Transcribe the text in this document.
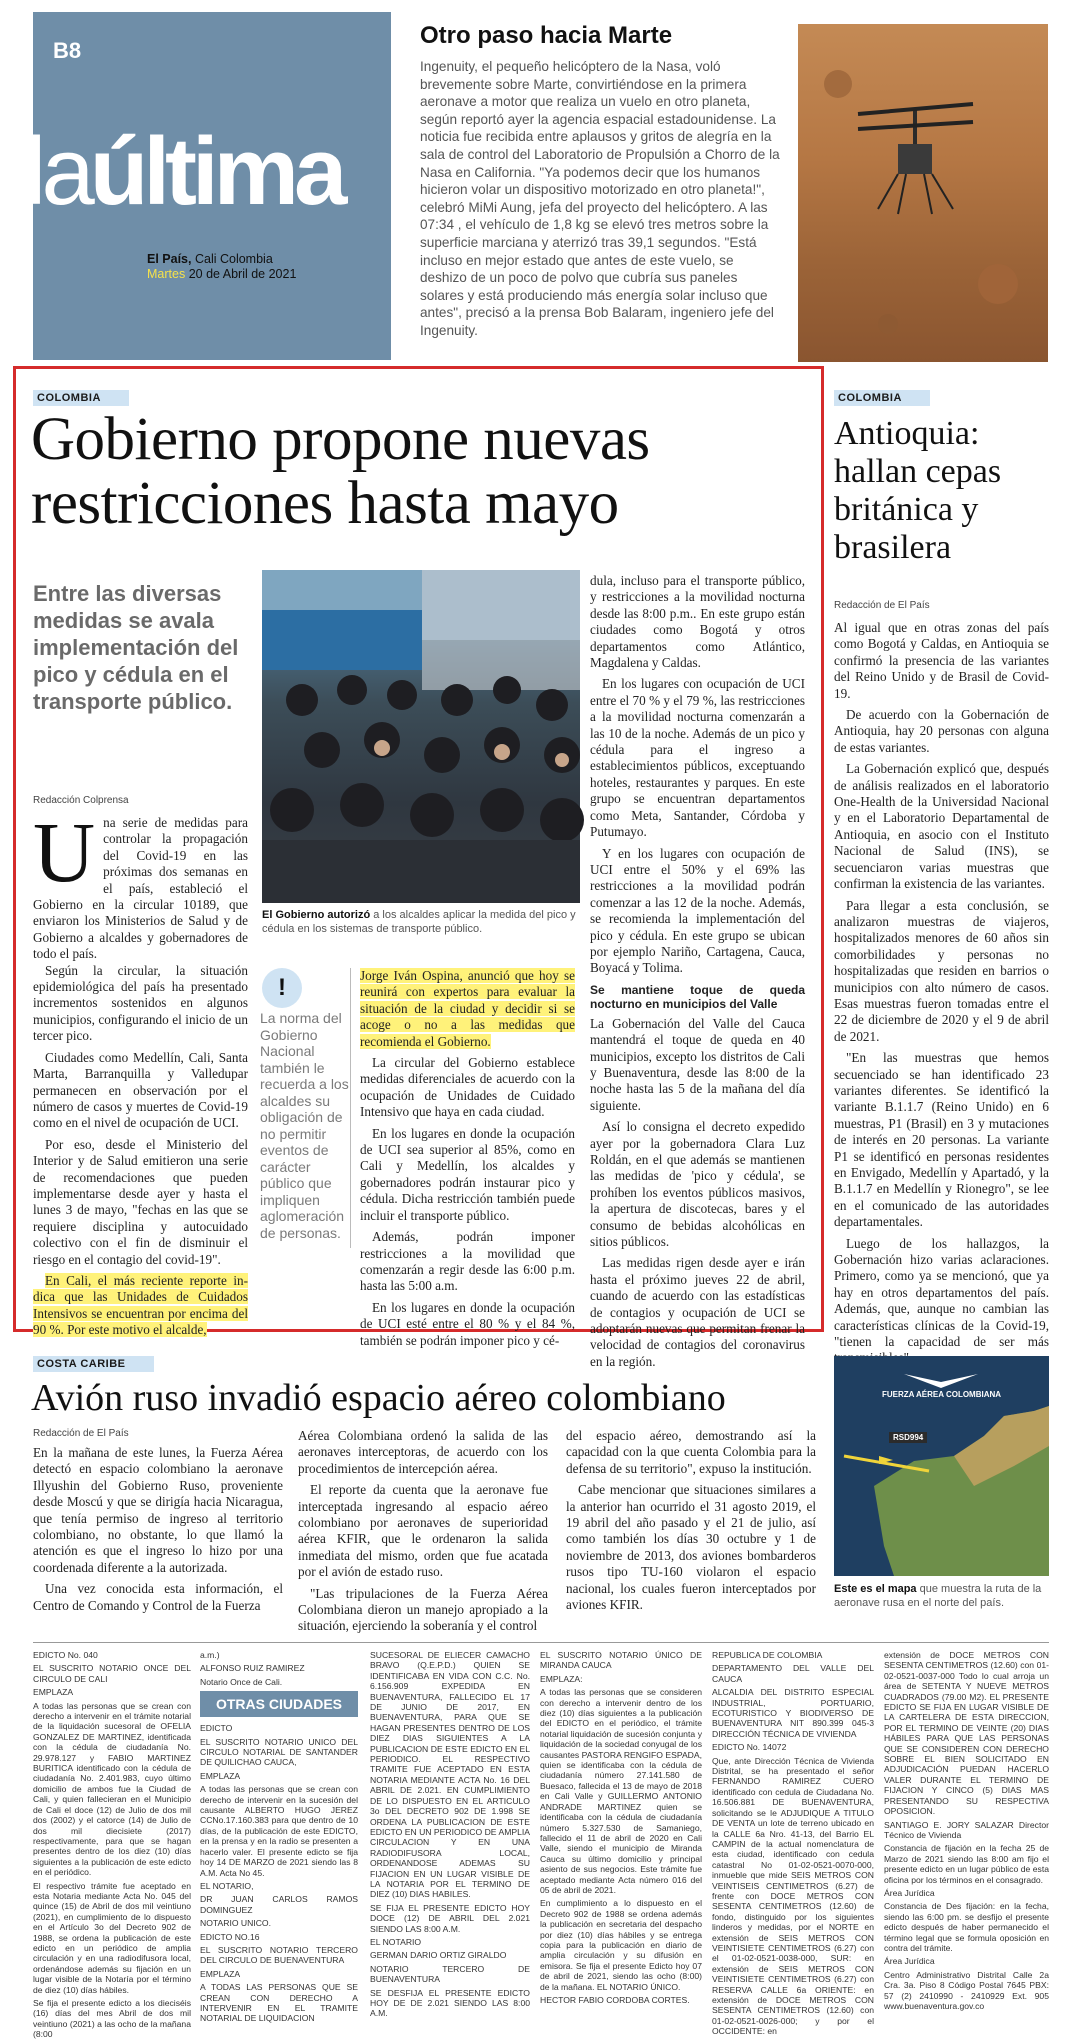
B8
laúltima
El País, Cali Colombia
Martes 20 de Abril de 2021
Otro paso hacia Marte
Ingenuity, el pequeño helicóptero de la Nasa, voló brevemente sobre Marte, convirtiéndose en la primera aeronave a motor que realiza un vuelo en otro planeta, según reportó ayer la agencia espacial estadounidense. La noticia fue recibida entre aplausos y gritos de alegría en la sala de control del Laboratorio de Propulsión a Chorro de la Nasa en California. "Ya podemos decir que los humanos hicieron volar un dispositivo motorizado en otro planeta!", celebró MiMi Aung, jefa del proyecto del helicóptero. A las 07:34 , el vehículo de 1,8 kg se elevó tres metros sobre la superficie marciana y aterrizó tras 39,1 segundos. "Está incluso en mejor estado que antes de este vuelo, se deshizo de un poco de polvo que cubría sus paneles solares y está produciendo más energía solar incluso que antes", precisó a la prensa Bob Balaram, ingeniero jefe del Ingenuity.	FOTO: NASA
COLOMBIA
Gobierno propone nuevas restricciones hasta mayo
Entre las diversas medidas se avala implementación del pico y cédula en el transporte público.
Redacción Colprensa
U na serie de medidas para controlar la propagación del Covid-19 en las próximas dos semanas en el país, estableció el Gobierno en la circular 10189, que enviaron los Ministerios de Salud y de Gobierno a alcaldes y gobernadores de todo el país.

Según la circular, la situación epidemiológica del país ha presentado incrementos sostenidos en algunos municipios, configurando el inicio de un tercer pico.

Ciudades como Medellín, Cali, Santa Marta, Barranquilla y Valledupar permanecen en observación por el número de casos y muertes de Covid-19 como en el nivel de ocupación de UCI.

Por eso, desde el Ministerio del Interior y de Salud emitieron una serie de recomendaciones que pueden implementarse desde ayer y hasta el lunes 3 de mayo, "fechas en las que se requiere disciplina y autocuidado colectivo con el fin de disminuir el riesgo en el contagio del covid-19".

En Cali, el más reciente reporte in- dica que las Unidades de Cuidados Intensivos se encuentran por encima del 90 %. Por este motivo el alcalde,

El Gobierno autorizó a los alcaldes aplicar la medida del pico y cédula en los sistemas de transporte público.
!
La norma del Gobierno Nacional también le recuerda a los alcaldes su obligación de no permitir eventos de carácter público que impliquen aglomeración de personas.

Jorge Iván Ospina, anunció que hoy se reunirá con expertos para evaluar la situación de la ciudad y decidir si se acoge o no a las medidas que recomienda el Gobierno.

La circular del Gobierno establece medidas diferenciales de acuerdo con la ocupación de Unidades de Cuidado Intensivo que haya en cada ciudad.

En los lugares en donde la ocupación de UCI sea superior al 85%, como en Cali y Medellín, los alcaldes y gobernadores podrán instaurar pico y cédula. Dicha restricción también puede incluir el transporte público.

Además, podrán imponer restricciones a la movilidad que comenzarán a regir desde las 6:00 p.m. hasta las 5:00 a.m.

En los lugares en donde la ocupación de UCI esté entre el 80 % y el 84 %, también se podrán imponer pico y cé-

dula, incluso para el transporte público, y restricciones a la movilidad nocturna desde las 8:00 p.m.. En este grupo están ciudades como Bogotá y otros departamentos como Atlántico, Magdalena y Caldas.

En los lugares con ocupación de UCI entre el 70 % y el 79 %, las restricciones a la movilidad nocturna comenzarán a las 10 de la noche. Además de un pico y cédula para el ingreso a establecimientos públicos, exceptuando hoteles, restaurantes y parques. En este grupo se encuentran departamentos como Meta, Santander, Córdoba y Putumayo.

Y en los lugares con ocupación de UCI entre el 50% y el 69% las restricciones a la movilidad podrán comenzar a las 12 de la noche. Además, se recomienda la implementación del pico y cédula. En este grupo se ubican por ejemplo Nariño, Cartagena, Cauca, Boyacá y Tolima.

Se mantiene toque de queda nocturno en municipios del Valle

La Gobernación del Valle del Cauca mantendrá el toque de queda en 40 municipios, excepto los distritos de Cali y Buenaventura, desde las 8:00 de la noche hasta las 5 de la mañana del día siguiente.

Así lo consigna el decreto expedido ayer por la gobernadora Clara Luz Roldán, en el que además se mantienen las medidas de 'pico y cédula', se prohíben los eventos públicos masivos, la apertura de discotecas, bares y el consumo de bebidas alcohólicas en sitios públicos.

Las medidas rigen desde ayer e irán hasta el próximo jueves 22 de abril, cuando de acuerdo con las estadísticas de contagios y ocupación de UCI se adoptarán nuevas que permitan frenar la velocidad de contagios del coronavirus en la región.

COLOMBIA
Antioquia: hallan cepas británica y brasilera
Redacción de El País

Al igual que en otras zonas del país como Bogotá y Caldas, en Antioquia se confirmó la presencia de las variantes del Reino Unido y de Brasil de Covid-19.

De acuerdo con la Gobernación de Antioquia, hay 20 personas con alguna de estas variantes.

La Gobernación explicó que, después de análisis realizados en el laboratorio One-Health de la Universidad Nacional y en el Laboratorio Departamental de Antioquia, en asocio con el Instituto Nacional de Salud (INS), se secuenciaron varias muestras que confirman la existencia de las variantes.

Para llegar a esta conclusión, se analizaron muestras de viajeros, hospitalizados menores de 60 años sin comorbilidades y personas no hospitalizadas que residen en barrios o municipios con alto número de casos. Esas muestras fueron tomadas entre el 22 de diciembre de 2020 y el 9 de abril de 2021.

"En las muestras que hemos secuenciado se han identificado 23 variantes diferentes. Se identificó la variante B.1.1.7 (Reino Unido) en 6 muestras, P1 (Brasil) en 3 y mutaciones de interés en 20 personas. La variante P1 se identificó en personas residentes en Envigado, Medellín y Apartadó, y la B.1.1.7 en Medellín y Rionegro", se lee en el comunicado de las autoridades departamentales.

Luego de los hallazgos, la Gobernación hizo varias aclaraciones. Primero, como ya se mencionó, que ya hay en otros departamentos del país. Además, que, aunque no cambian las características clínicas de la Covid-19, "tienen la capacidad de ser más

COSTA CARIBE
Avión ruso invadió espacio aéreo colombiano
Redacción de El País

En la mañana de este lunes, la Fuerza Aérea detectó en espacio colombiano la aeronave Illyushin del Gobierno Ruso, proveniente desde Moscú y que se dirigía hacia Nicaragua, que tenía permiso de ingreso al territorio colombiano, no obstante, lo que llamó la atención es que el ingreso lo hizo por una coordenada diferente a la autorizada.

Una vez conocida esta información, el Centro de Comando y Control de la Fuerza

Aérea Colombiana ordenó la salida de las aeronaves interceptoras, de acuerdo con los procedimientos de intercepción aérea.

El reporte da cuenta que la aeronave fue interceptada ingresando al espacio aéreo colombiano por aeronaves de superioridad aérea KFIR, que le ordenaron la salida inmediata del mismo, orden que fue acatada por el avión de estado ruso.

"Las tripulaciones de la Fuerza Aérea Colombiana dieron un manejo apropiado a la situación, ejerciendo la soberanía y el control

del espacio aéreo, demostrando así la capacidad con la que cuenta Colombia para la defensa de su territorio", expuso la institución.

Cabe mencionar que situaciones similares a la anterior han ocurrido el 31 agosto 2019, el 19 abril del año pasado y el 21 de julio, así como también los días 30 octubre y 1 de noviembre de 2013, dos aviones bombarderos rusos tipo TU-160 violaron el espacio nacional, los cuales fueron interceptados por aviones KFIR.

FUERZA AÉREA COLOMBIANA
RSD994
Este es el mapa que muestra la ruta de la aeronave rusa en el norte del país.
EDICTO No. 040
EL SUSCRITO NOTARIO ONCE DEL CIRCULO DE CALI
EMPLAZA
A todas las personas que se crean con derecho a intervenir en el trámite notarial de la liquidación sucesoral de OFELIA GONZALEZ DE MARTINEZ, identificada con la cédula de ciudadanía No. 29.978.127 y FABIO MARTINEZ BURITICA identificado con la cédula de ciudadanía No. 2.401.983, cuyo último domicilio de ambos fue la Ciudad de Cali, y quien fallecieran en el Municipio de Cali el doce (12) de Julio de dos mil dos (2002) y el catorce (14) de Julio de dos mil diecisiete (2017) respectivamente, para que se hagan presentes dentro de los diez (10) días siguientes a la publicación de este edicto en el periódico.
El respectivo trámite fue aceptado en esta Notaria mediante Acta No. 045 del quince (15) de Abril de dos mil veintiuno (2021), en cumplimiento de lo dispuesto en el Artículo 3o del Decreto 902 de 1988, se ordena la publicación de este edicto en un periódico de amplia circulación y en una radiodifusora local, ordenándose además su fijación en un lugar visible de la Notaría por el término de diez (10) días hábiles.
Se fija el presente edicto a los dieciséis (16) días del mes Abril de dos mil veintiuno (2021) a las ocho de la mañana (8:00
a.m.)
ALFONSO RUIZ RAMIREZ
Notario Once de Cali.
OTRAS CIUDADES
EDICTO
EL SUSCRITO NOTARIO UNICO DEL CIRCULO NOTARIAL DE SANTANDER DE QUILICHAO CAUCA,
EMPLAZA
A todas las personas que se crean con derecho de intervenir en la sucesión del causante ALBERTO HUGO JEREZ CCNo.17.160.383 para que dentro de 10 días, de la publicación de este EDICTO, en la prensa y en la radio se presenten a hacerlo valer. El presente edicto se fija hoy 14 DE MARZO de 2021 siendo las 8 A.M. Acta No 45.
EL NOTARIO,
DR JUAN CARLOS RAMOS DOMINGUEZ
NOTARIO UNICO.
EDICTO NO.16
EL SUSCRITO NOTARIO TERCERO DEL CIRCULO DE BUENAVENTURA
EMPLAZA
A TODAS LAS PERSONAS QUE SE CREAN CON DERECHO A INTERVENIR EN EL TRAMITE NOTARIAL DE LIQUIDACION
SUCESORAL DE ELIECER CAMACHO BRAVO (Q.E.P.D.) QUIEN SE IDENTIFICABA EN VIDA CON C.C. No. 6.156.909 EXPEDIDA EN BUENAVENTURA, FALLECIDO EL 17 DE JUNIO DE 2017, EN BUENAVENTURA, PARA QUE SE HAGAN PRESENTES DENTRO DE LOS DIEZ DIAS SIGUIENTES A LA PUBLICACION DE ESTE EDICTO EN EL PERIODICO. EL RESPECTIVO TRAMITE FUE ACEPTADO EN ESTA NOTARIA MEDIANTE ACTA No. 16 DEL ABRIL DE 2.021. EN CUMPLIMIENTO DE LO DISPUESTO EN EL ARTICULO 3o DEL DECRETO 902 DE 1.998 SE ORDENA LA PUBLICACION DE ESTE EDICTO EN UN PERIODICO DE AMPLIA CIRCULACION Y EN UNA RADIODIFUSORA LOCAL, ORDENANDOSE ADEMAS SU FIJACION EN UN LUGAR VISIBLE DE LA NOTARIA POR EL TERMINO DE DIEZ (10) DIAS HABILES.
SE FIJA EL PRESENTE EDICTO HOY DOCE (12) DE ABRIL DEL 2.021 SIENDO LAS 8:00 A.M.
EL NOTARIO
GERMAN DARIO ORTIZ GIRALDO
NOTARIO TERCERO DE BUENAVENTURA
SE DESFIJA EL PRESENTE EDICTO HOY DE DE 2.021 SIENDO LAS 8:00 A.M.
EL SUSCRITO NOTARIO ÚNICO DE MIRANDA CAUCA
EMPLAZA:
A todas las personas que se consideren con derecho a intervenir dentro de los diez (10) días siguientes a la publicación del EDICTO en el periódico, el trámite notarial liquidación de sucesión conjunta y liquidación de la sociedad conyugal de los causantes PASTORA RENGIFO ESPADA, quien se identificaba con la cédula de ciudadanía número 27.141.580 de Buesaco, fallecida el 13 de mayo de 2018 en Cali Valle y GUILLERMO ANTONIO ANDRADE MARTINEZ quien se identificaba con la cédula de ciudadanía número 5.327.530 de Samaniego, fallecido el 11 de abril de 2020 en Cali Valle, siendo el municipio de Miranda Cauca su último domicilio y principal asiento de sus negocios. Este trámite fue aceptado mediante Acta número 016 del 05 de abril de 2021.
En cumplimiento a lo dispuesto en el Decreto 902 de 1988 se ordena además la publicación en secretaria del despacho por diez (10) días hábiles y se entrega copia para la publicación en diario de amplia circulación y su difusión en emisora. Se fija el presente Edicto hoy 07 de abril de 2021, siendo las ocho (8:00) de la mañana. EL NOTARIO ÚNICO.
HECTOR FABIO CORDOBA CORTES.
REPUBLICA DE COLOMBIA
DEPARTAMENTO DEL VALLE DEL CAUCA
ALCALDIA DEL DISTRITO ESPECIAL INDUSTRIAL, PORTUARIO, ECOTURISTICO Y BIODIVERSO DE BUENAVENTURA NIT 890.399 045-3 DIRECCIÓN TÉCNICA DE VIVIENDA
EDICTO No. 14072
Que, ante Dirección Técnica de Vivienda Distrital, se ha presentado el señor FERNANDO RAMIREZ CUERO identificado con cedula de Ciudadana No. 16.506.881 DE BUENAVENTURA, solicitando se le ADJUDIQUE A TITULO DE VENTA un lote de terreno ubicado en la CALLE 6a Nro. 41-13, del Barrio EL CAMPIN de la actual nomenclatura de esta ciudad, identificado con cedula catastral No 01-02-0521-0070-000, inmueble que mide SEIS METROS CON VEINTISEIS CENTIMETROS (6.27) de frente con DOCE METROS CON SESENTA CENTIMETROS (12.60) de fondo, distinguido por los siguientes linderos y medidas, por el NORTE en extensión de SEIS METROS CON VEINTISIETE CENTIMETROS (6.27) con el 01-02-0521-0038-000, SUR: en extensión de SEIS METROS CON VEINTISIETE CENTIMETROS (6.27) con RESERVA CALLE 6a ORIENTE: en extensión de DOCE METROS CON SESENTA CENTIMETROS (12.60) con 01-02-0521-0026-000; y por el OCCIDENTE: en
extensión de DOCE METROS CON SESENTA CENTIMETROS (12.60) con 01-02-0521-0037-000 Todo lo cual arroja un área de SETENTA Y NUEVE METROS CUADRADOS (79.00 M2). EL PRESENTE EDICTO SE FIJA EN LUGAR VISIBLE DE LA CARTELERA DE ESTA DIRECCION, POR EL TERMINO DE VEINTE (20) DIAS HÁBILES PARA QUE LAS PERSONAS QUE SE CONSIDEREN CON DERECHO SOBRE EL BIEN SOLICITADO EN ADJUDICACIÓN PUEDAN HACERLO VALER DURANTE EL TERMINO DE FIJACION Y CINCO (5) DIAS MAS PRESENTANDO SU RESPECTIVA OPOSICION.
SANTIAGO E. JORY SALAZAR Director Técnico de Vivienda
Constancia de fijación en la fecha 25 de Marzo de 2021 siendo las 8:00 am fijo el presente edicto en un lugar público de esta oficina por los términos en el consagrado.
Área Jurídica
Constancia de Des fijación: en la fecha, siendo las 6:00 pm. se desfijo el presente edicto después de haber permanecido el término legal que se formula oposición en contra del trámite.
Área Jurídica
Centro Administrativo Distrital Calle 2a Cra. 3a. Piso 8 Código Postal 7645 PBX: 57 (2) 2410990 - 2410929 Ext. 905 www.buenaventura.gov.co
